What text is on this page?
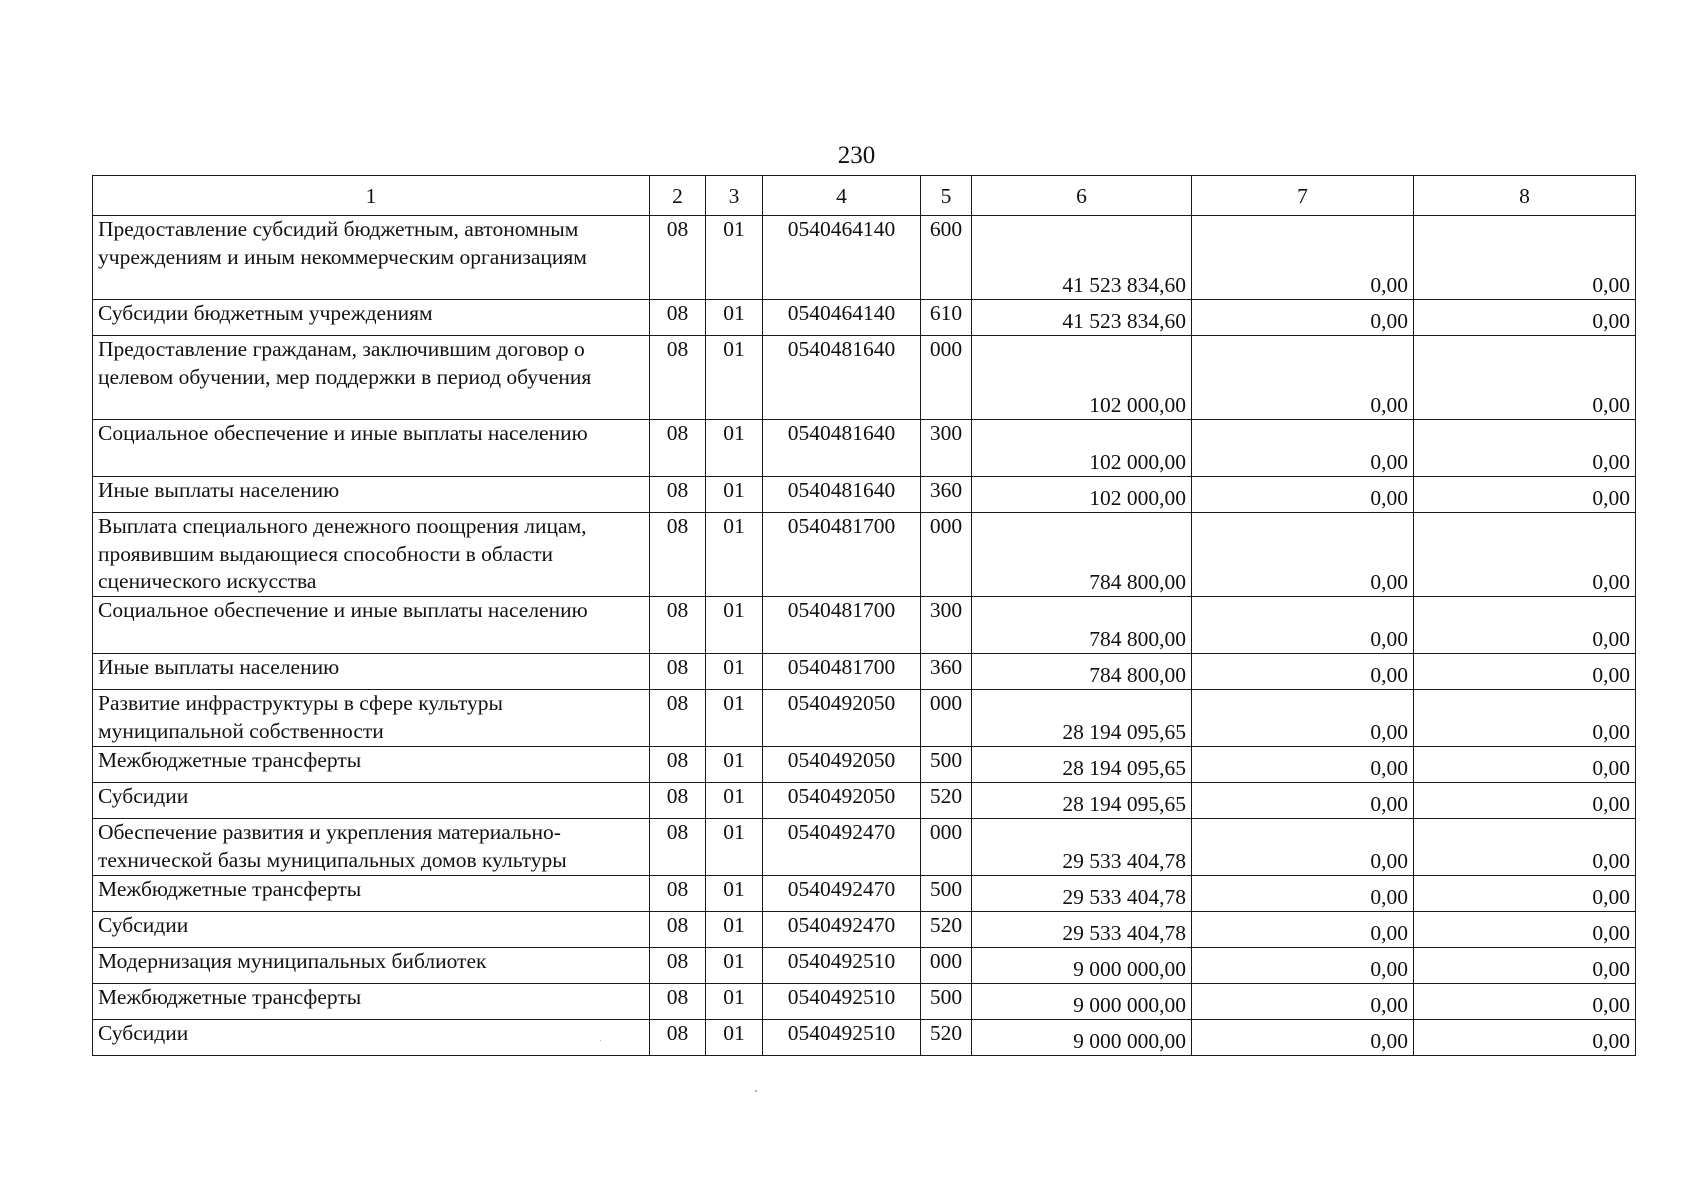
230
1	2	3	4	5	6	7	8
Предоставление субсидий бюджетным, автономным учреждениям и иным некоммерческим организациям	08	01	0540464140	600	41 523 834,60	0,00	0,00
Субсидии бюджетным учреждениям	08	01	0540464140	610	41 523 834,60	0,00	0,00
Предоставление гражданам, заключившим договор о целевом обучении, мер поддержки в период обучения	08	01	0540481640	000	102 000,00	0,00	0,00
Социальное обеспечение и иные выплаты населению	08	01	0540481640	300	102 000,00	0,00	0,00
Иные выплаты населению	08	01	0540481640	360	102 000,00	0,00	0,00
Выплата специального денежного поощрения лицам, проявившим выдающиеся способности в области сценического искусства	08	01	0540481700	000	784 800,00	0,00	0,00
Социальное обеспечение и иные выплаты населению	08	01	0540481700	300	784 800,00	0,00	0,00
Иные выплаты населению	08	01	0540481700	360	784 800,00	0,00	0,00
Развитие инфраструктуры в сфере культуры муниципальной собственности	08	01	0540492050	000	28 194 095,65	0,00	0,00
Межбюджетные трансферты	08	01	0540492050	500	28 194 095,65	0,00	0,00
Субсидии	08	01	0540492050	520	28 194 095,65	0,00	0,00
Обеспечение развития и укрепления материально-технической базы муниципальных домов культуры	08	01	0540492470	000	29 533 404,78	0,00	0,00
Межбюджетные трансферты	08	01	0540492470	500	29 533 404,78	0,00	0,00
Субсидии	08	01	0540492470	520	29 533 404,78	0,00	0,00
Модернизация муниципальных библиотек	08	01	0540492510	000	9 000 000,00	0,00	0,00
Межбюджетные трансферты	08	01	0540492510	500	9 000 000,00	0,00	0,00
Субсидии	08	01	0540492510	520	9 000 000,00	0,00	0,00
